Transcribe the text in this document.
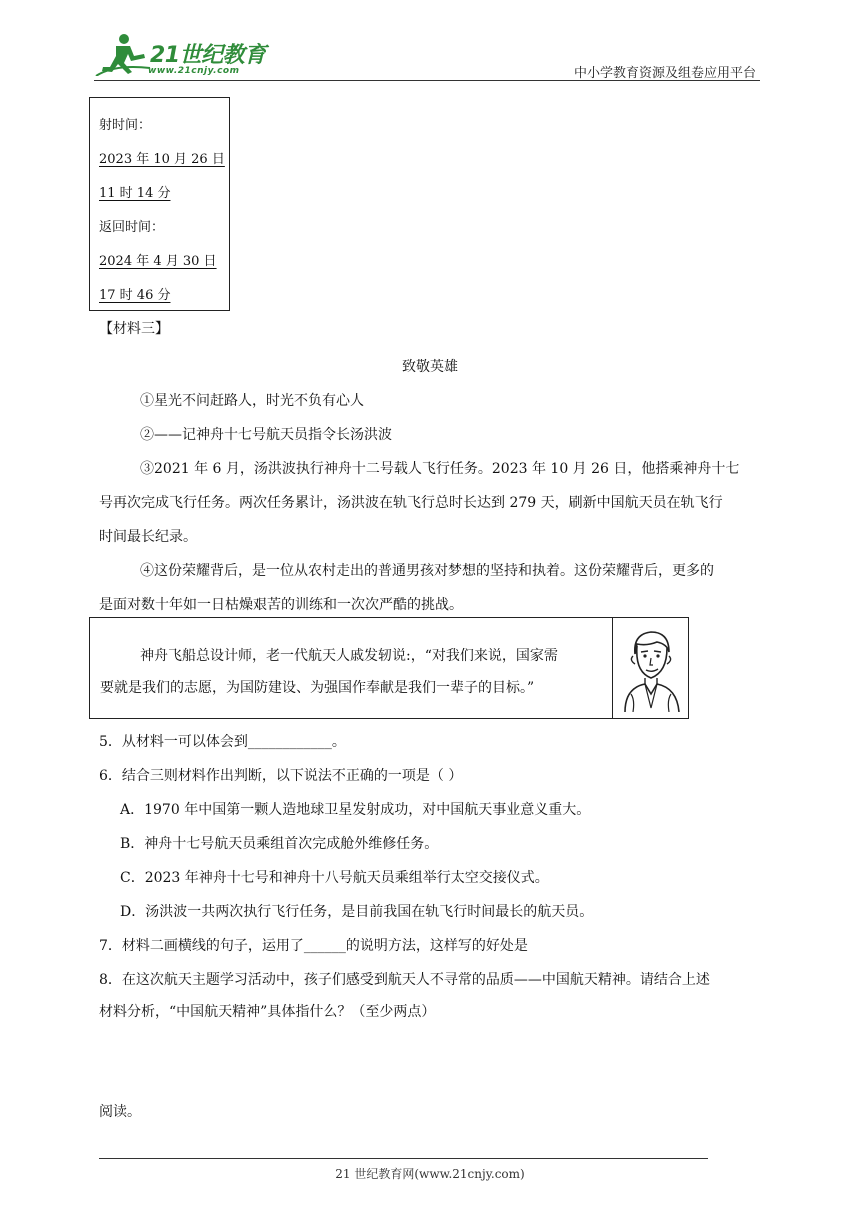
21世纪教育
www.21cnjy.com	中小学教育资源及组卷应用平台
射时间：
2023 年 10 月 26 日
11 时 14 分
返回时间：
2024 年 4 月 30 日
17 时 46 分
【材料三】
致敬英雄
①星光不问赶路人，时光不负有心人
②——记神舟十七号航天员指令长汤洪波
③2021 年 6 月，汤洪波执行神舟十二号载人飞行任务。2023 年 10 月 26 日，他搭乘神舟十七
号再次完成飞行任务。两次任务累计，汤洪波在轨飞行总时长达到 279 天，刷新中国航天员在轨飞行
时间最长纪录。
④这份荣耀背后，是一位从农村走出的普通男孩对梦想的坚持和执着。这份荣耀背后，更多的
是面对数十年如一日枯燥艰苦的训练和一次次严酷的挑战。
神舟飞船总设计师，老一代航天人戚发轫说:，“对我们来说，国家需
要就是我们的志愿，为国防建设、为强国作奉献是我们一辈子的目标。”
5．从材料一可以体会到____________。
6．结合三则材料作出判断，以下说法不正确的一项是（ ）
A．1970 年中国第一颗人造地球卫星发射成功，对中国航天事业意义重大。
B．神舟十七号航天员乘组首次完成舱外维修任务。
C．2023 年神舟十七号和神舟十八号航天员乘组举行太空交接仪式。
D．汤洪波一共两次执行飞行任务，是目前我国在轨飞行时间最长的航天员。
7．材料二画横线的句子，运用了______的说明方法，这样写的好处是
8．在这次航天主题学习活动中，孩子们感受到航天人不寻常的品质——中国航天精神。请结合上述
材料分析，“中国航天精神”具体指什么？（至少两点）
阅读。
21 世纪教育网(www.21cnjy.com)
